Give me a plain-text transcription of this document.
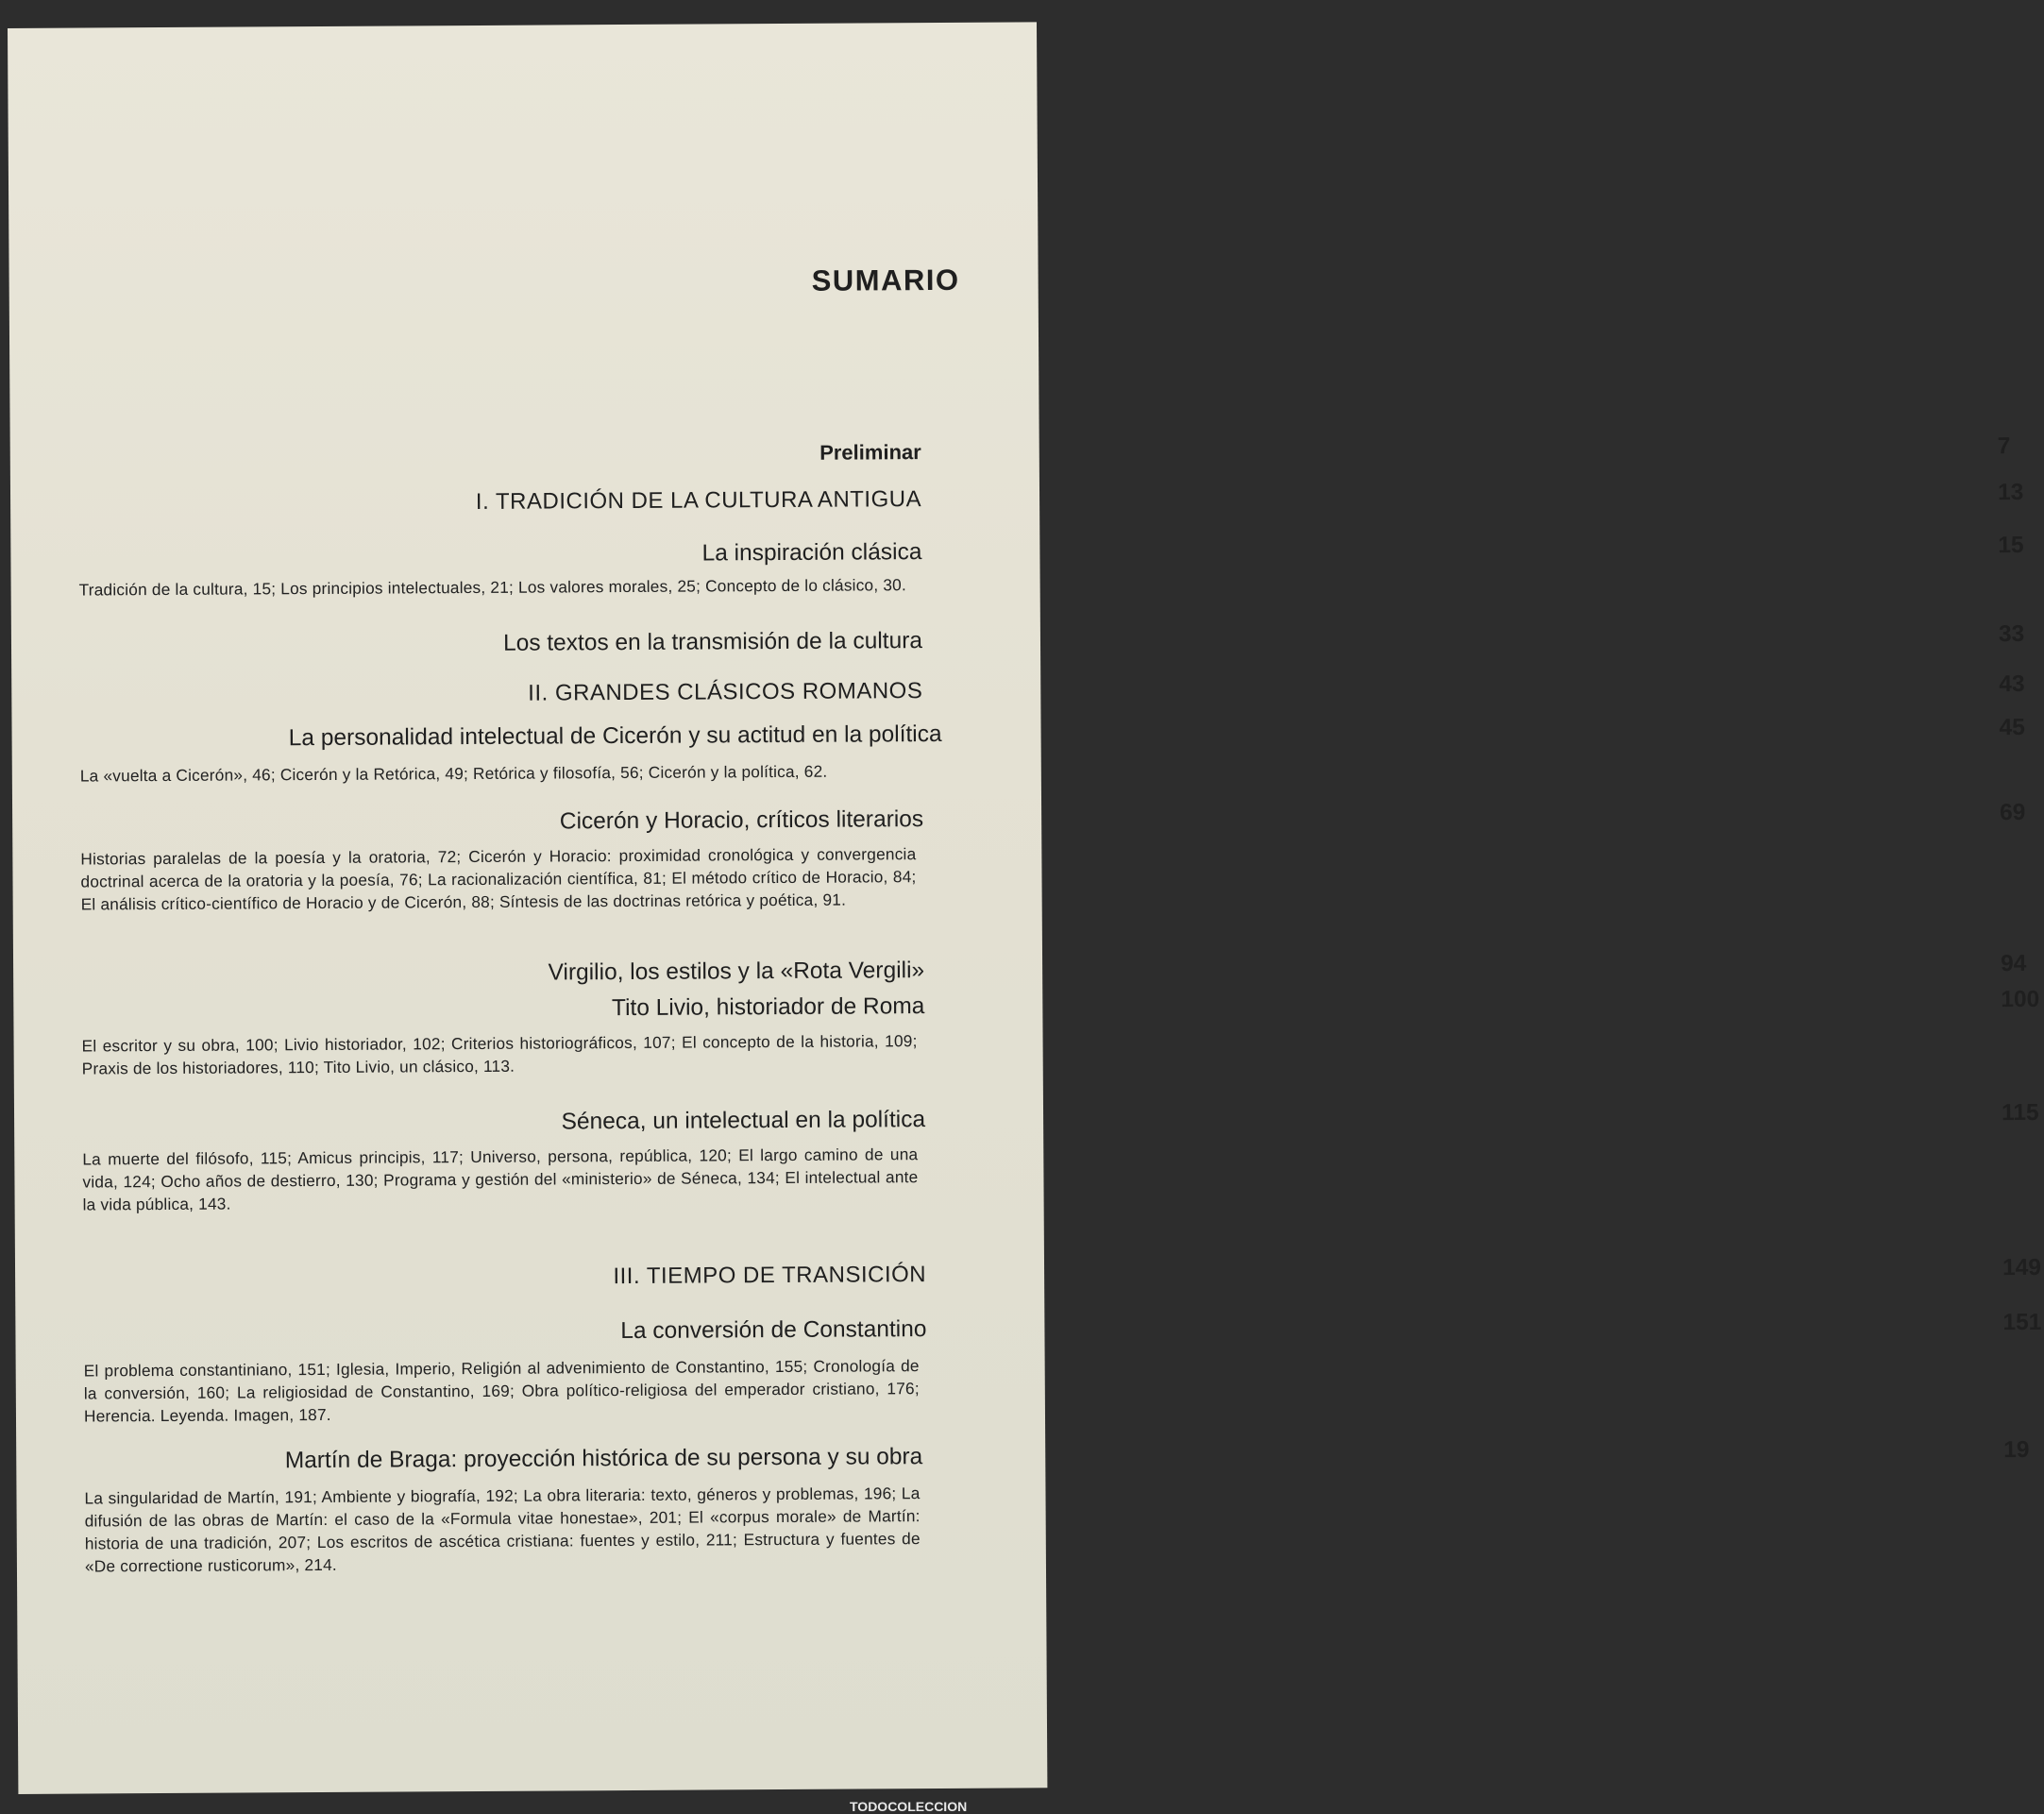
SUMARIO
Preliminar	7
I. TRADICIÓN DE LA CULTURA ANTIGUA	13
La inspiración clásica	15
Tradición de la cultura, 15; Los principios intelectuales, 21; Los valores morales, 25; Concepto de lo clásico, 30.
Los textos en la transmisión de la cultura	33
II. GRANDES CLÁSICOS ROMANOS	43
La personalidad intelectual de Cicerón y su actitud en la política	45
La «vuelta a Cicerón», 46; Cicerón y la Retórica, 49; Retórica y filosofía, 56; Cicerón y la política, 62.
Cicerón y Horacio, críticos literarios	69
Historias paralelas de la poesía y la oratoria, 72; Cicerón y Horacio: proximidad cronológica y convergencia doctrinal acerca de la oratoria y la poesía, 76; La racionalización científica, 81; El método crítico de Horacio, 84; El análisis crítico-científico de Horacio y de Cicerón, 88; Síntesis de las doctrinas retórica y poética, 91.
Virgilio, los estilos y la «Rota Vergili»	94
Tito Livio, historiador de Roma	100
El escritor y su obra, 100; Livio historiador, 102; Criterios historiográficos, 107; El concepto de la historia, 109; Praxis de los historiadores, 110; Tito Livio, un clásico, 113.
Séneca, un intelectual en la política	115
La muerte del filósofo, 115; Amicus principis, 117; Universo, persona, república, 120; El largo camino de una vida, 124; Ocho años de destierro, 130; Programa y gestión del «ministerio» de Séneca, 134; El intelectual ante la vida pública, 143.
III. TIEMPO DE TRANSICIÓN	149
La conversión de Constantino	151
El problema constantiniano, 151; Iglesia, Imperio, Religión al advenimiento de Constantino, 155; Cronología de la conversión, 160; La religiosidad de Constantino, 169; Obra político-religiosa del emperador cristiano, 176; Herencia. Leyenda. Imagen, 187.
Martín de Braga: proyección histórica de su persona y su obra	19
La singularidad de Martín, 191; Ambiente y biografía, 192; La obra literaria: texto, géneros y problemas, 196; La difusión de las obras de Martín: el caso de la «Formula vitae honestae», 201; El «corpus morale» de Martín: historia de una tradición, 207; Los escritos de ascética cristiana: fuentes y estilo, 211; Estructura y fuentes de «De correctione rusticorum», 214.
TODOCOLECCION
